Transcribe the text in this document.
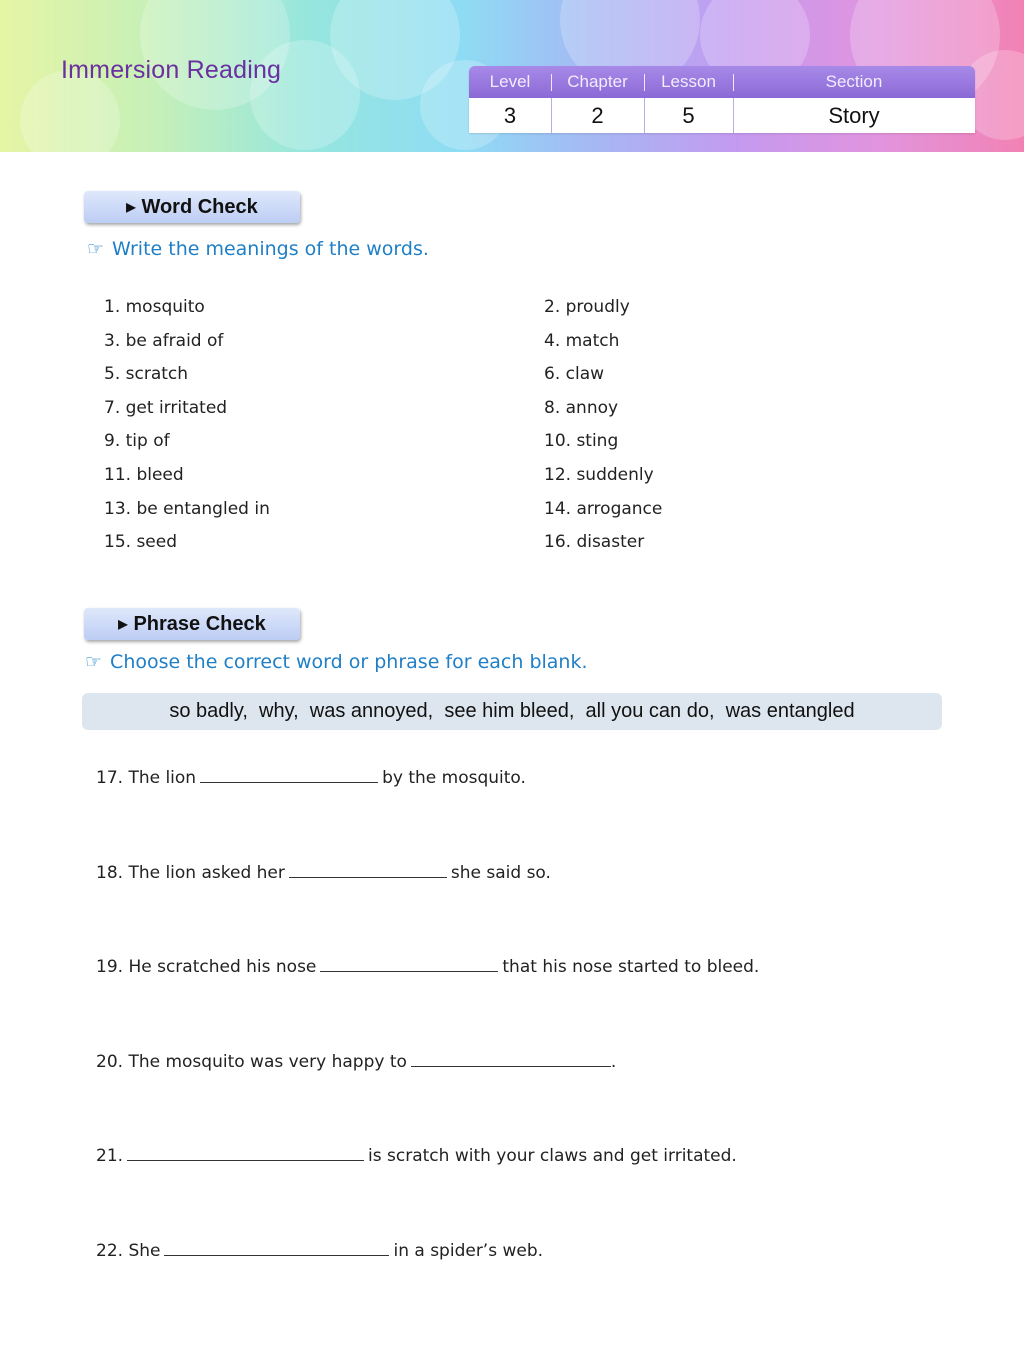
Immersion Reading	Level	Chapter	Lesson	Section
3	2	5	Story
▶ Word Check
☞ Write the meanings of the words.
1. mosquito	2. proudly
3. be afraid of	4. match
5. scratch	6. claw
7. get irritated	8. annoy
9. tip of	10. sting
11. bleed	12. suddenly
13. be entangled in	14. arrogance
15. seed	16. disaster
▶ Phrase Check
☞ Choose the correct word or phrase for each blank.
so badly,  why,  was annoyed,  see him bleed,  all you can do,  was entangled
17. The lion	by the mosquito.
18. The lion asked her	she said so.
19. He scratched his nose	that his nose started to bleed.
20. The mosquito was very happy to	.
21.	is scratch with your claws and get irritated.
22. She	in a spider’s web.
